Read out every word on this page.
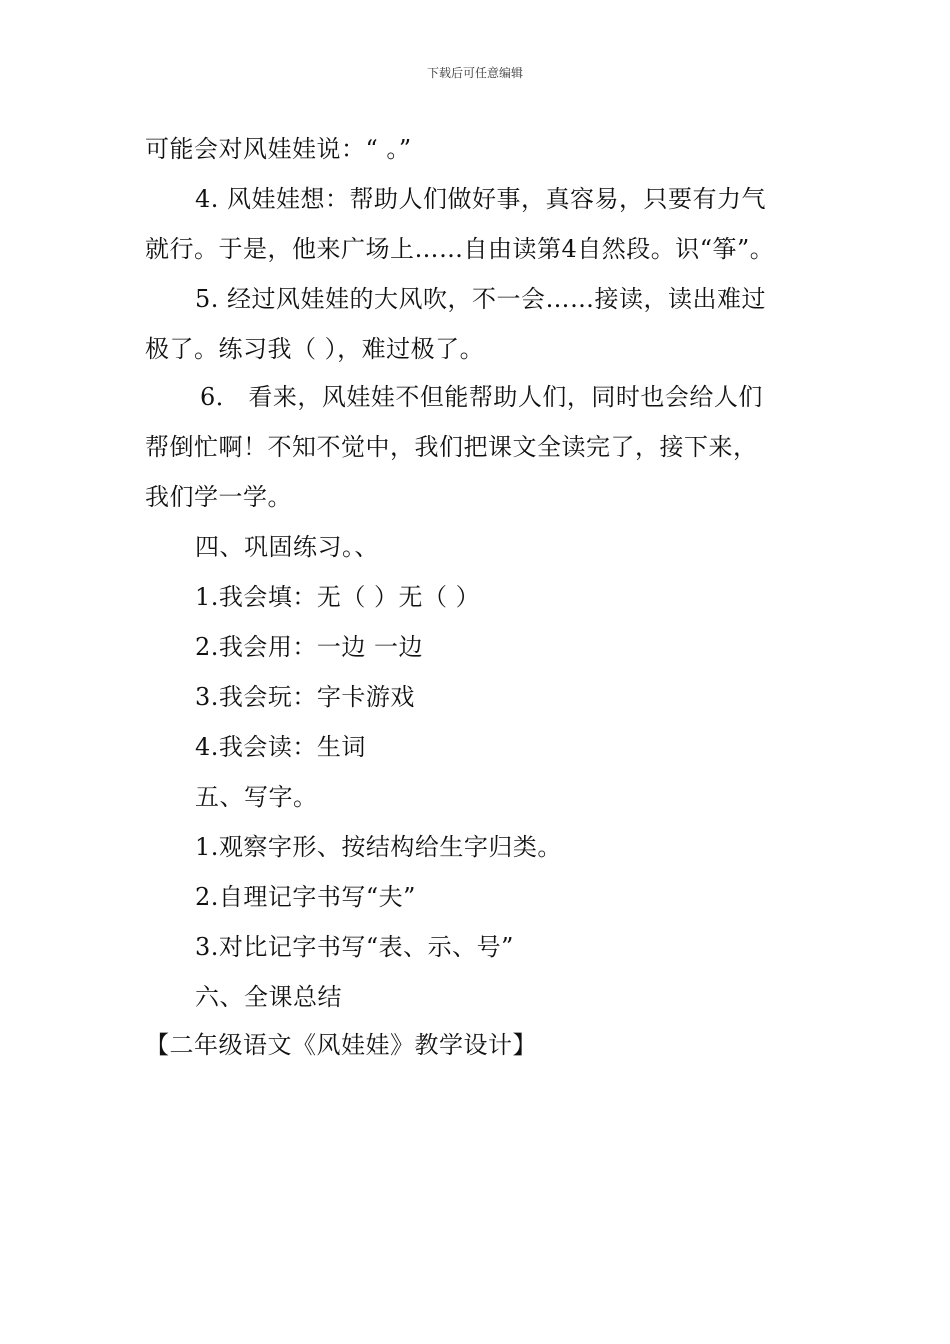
下载后可任意编辑
可能会对风娃娃说：“ 。”
4. 风娃娃想：帮助人们做好事，真容易，只要有力气
就行。于是，他来广场上……自由读第4自然段。识“筝”。
5. 经过风娃娃的大风吹，不一会……接读，读出难过
极了。练习我（ ），难过极了。
6． 看来，风娃娃不但能帮助人们，同时也会给人们
帮倒忙啊！不知不觉中，我们把课文全读完了，接下来，
我们学一学。
四、巩固练习。、
1.我会填：无（ ）无（ ）
2.我会用：一边 一边
3.我会玩：字卡游戏
4.我会读：生词
五、写字。
1.观察字形、按结构给生字归类。
2.自理记字书写“夫”
3.对比记字书写“表、示、号”
六、全课总结
【二年级语文《风娃娃》教学设计】
